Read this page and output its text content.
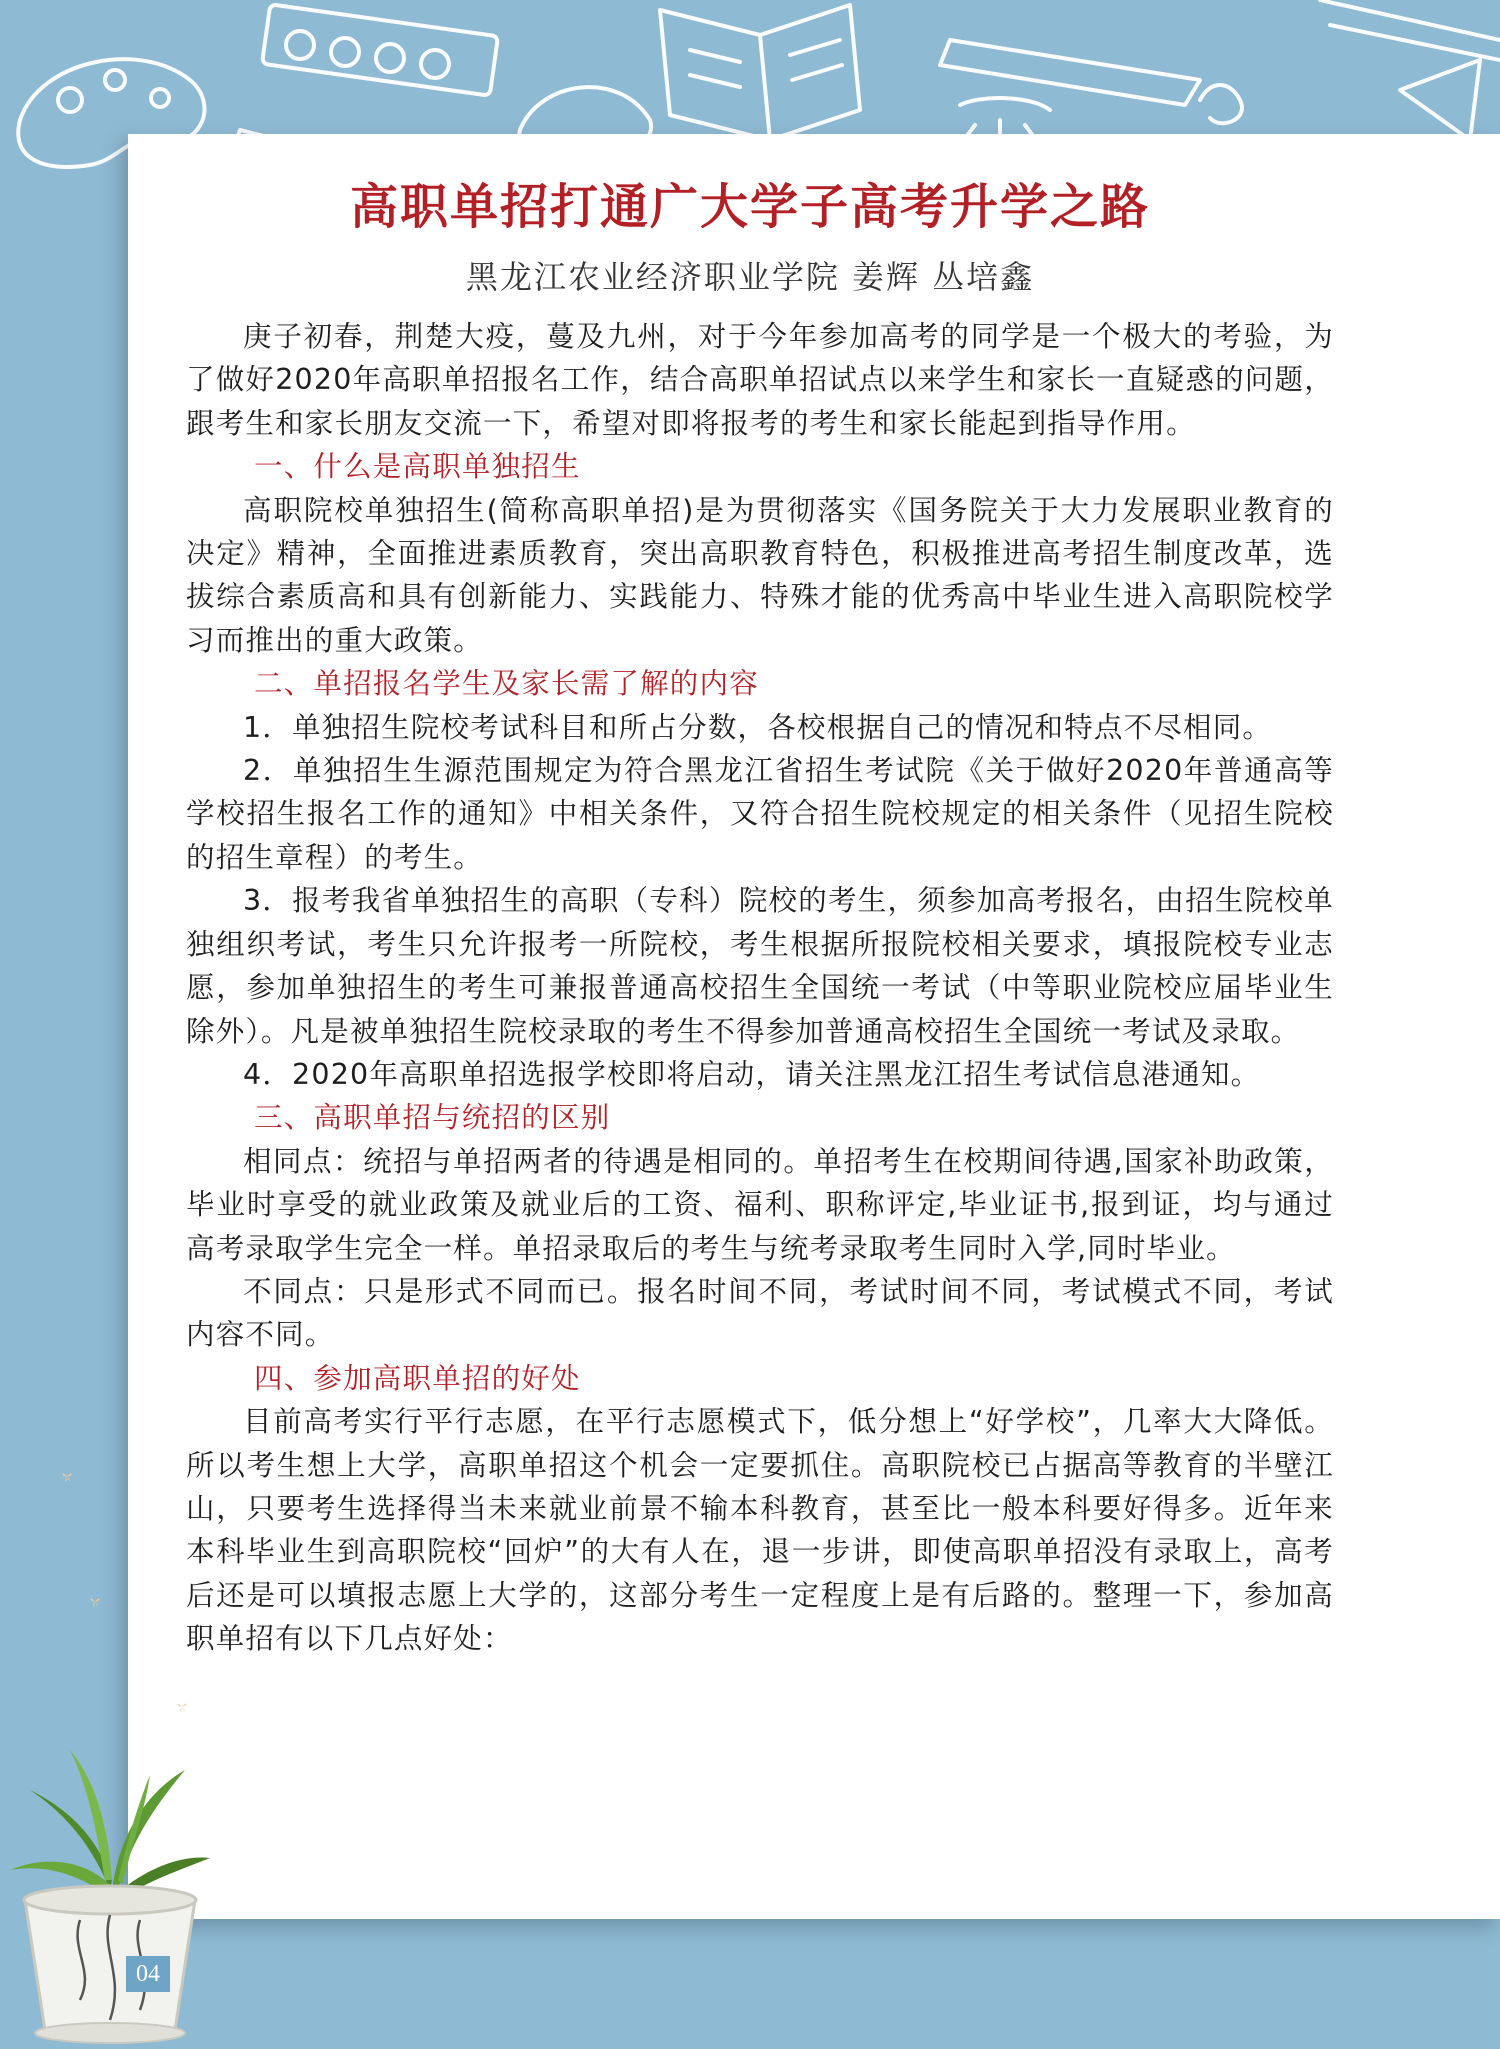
高职单招打通广大学子高考升学之路
黑龙江农业经济职业学院 姜辉 丛培鑫

庚子初春，荆楚大疫，蔓及九州，对于今年参加高考的同学是一个极大的考验，为了做好2020年高职单招报名工作，结合高职单招试点以来学生和家长一直疑惑的问题，跟考生和家长朋友交流一下，希望对即将报考的考生和家长能起到指导作用。

一、什么是高职单独招生

高职院校单独招生(简称高职单招)是为贯彻落实《国务院关于大力发展职业教育的决定》精神，全面推进素质教育，突出高职教育特色，积极推进高考招生制度改革，选拔综合素质高和具有创新能力、实践能力、特殊才能的优秀高中毕业生进入高职院校学习而推出的重大政策。

二、单招报名学生及家长需了解的内容

1．单独招生院校考试科目和所占分数，各校根据自己的情况和特点不尽相同。

2．单独招生生源范围规定为符合黑龙江省招生考试院《关于做好2020年普通高等学校招生报名工作的通知》中相关条件，又符合招生院校规定的相关条件（见招生院校的招生章程）的考生。

3．报考我省单独招生的高职（专科）院校的考生，须参加高考报名，由招生院校单独组织考试，考生只允许报考一所院校，考生根据所报院校相关要求，填报院校专业志愿，参加单独招生的考生可兼报普通高校招生全国统一考试（中等职业院校应届毕业生除外）。凡是被单独招生院校录取的考生不得参加普通高校招生全国统一考试及录取。

4．2020年高职单招选报学校即将启动，请关注黑龙江招生考试信息港通知。

三、高职单招与统招的区别

相同点：统招与单招两者的待遇是相同的。单招考生在校期间待遇,国家补助政策，毕业时享受的就业政策及就业后的工资、福利、职称评定,毕业证书,报到证，均与通过高考录取学生完全一样。单招录取后的考生与统考录取考生同时入学,同时毕业。

不同点：只是形式不同而已。报名时间不同，考试时间不同，考试模式不同，考试内容不同。

四、参加高职单招的好处

目前高考实行平行志愿，在平行志愿模式下，低分想上“好学校”，几率大大降低。所以考生想上大学，高职单招这个机会一定要抓住。高职院校已占据高等教育的半壁江山，只要考生选择得当未来就业前景不输本科教育，甚至比一般本科要好得多。近年来本科毕业生到高职院校“回炉”的大有人在，退一步讲，即使高职单招没有录取上，高考后还是可以填报志愿上大学的，这部分考生一定程度上是有后路的。整理一下，参加高职单招有以下几点好处：

04
